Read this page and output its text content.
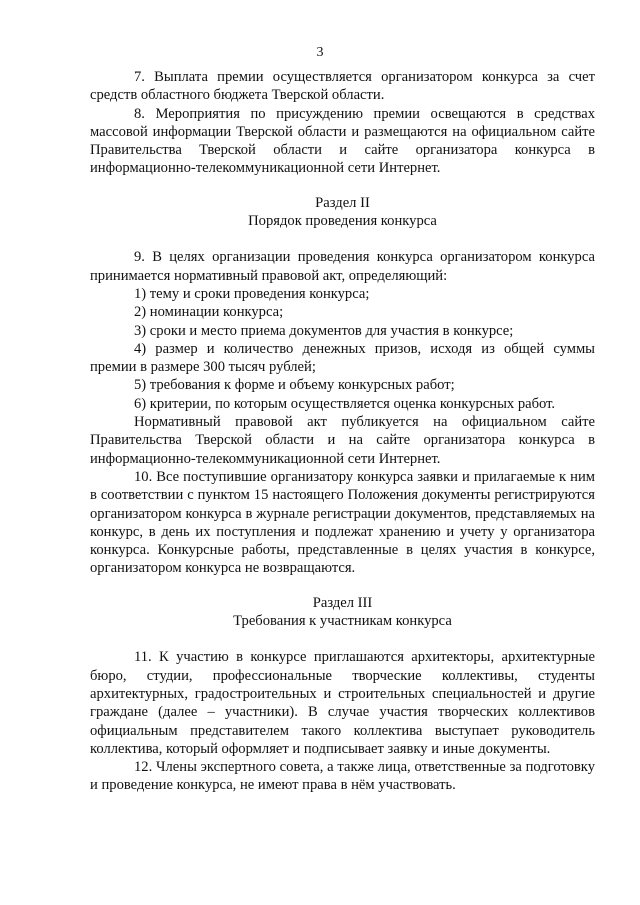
3

7. Выплата премии осуществляется организатором конкурса за счет средств областного бюджета Тверской области.

8. Мероприятия по присуждению премии освещаются в средствах массовой информации Тверской области и размещаются на официальном сайте Правительства Тверской области и сайте организатора конкурса в информационно-телекоммуникационной сети Интернет.

Раздел II

Порядок проведения конкурса

9. В целях организации проведения конкурса организатором конкурса принимается нормативный правовой акт, определяющий:

1) тему и сроки проведения конкурса;

2) номинации конкурса;

3) сроки и место приема документов для участия в конкурсе;

4) размер и количество денежных призов, исходя из общей суммы премии в размере 300 тысяч рублей;

5) требования к форме и объему конкурсных работ;

6) критерии, по которым осуществляется оценка конкурсных работ.

Нормативный правовой акт публикуется на официальном сайте Правительства Тверской области и на сайте организатора конкурса в информационно-телекоммуникационной сети Интернет.

10. Все поступившие организатору конкурса заявки и прилагаемые к ним в соответствии с пунктом 15 настоящего Положения документы регистрируются организатором конкурса в журнале регистрации документов, представляемых на конкурс, в день их поступления и подлежат хранению и учету у организатора конкурса. Конкурсные работы, представленные в целях участия в конкурсе, организатором конкурса не возвращаются.

Раздел III

Требования к участникам конкурса

11. К участию в конкурсе приглашаются архитекторы, архитектурные бюро, студии, профессиональные творческие коллективы, студенты архитектурных, градостроительных и строительных специальностей и другие граждане (далее – участники). В случае участия творческих коллективов официальным представителем такого коллектива выступает руководитель коллектива, который оформляет и подписывает заявку и иные документы.

12. Члены экспертного совета, а также лица, ответственные за подготовку и проведение конкурса, не имеют права в нём участвовать.
